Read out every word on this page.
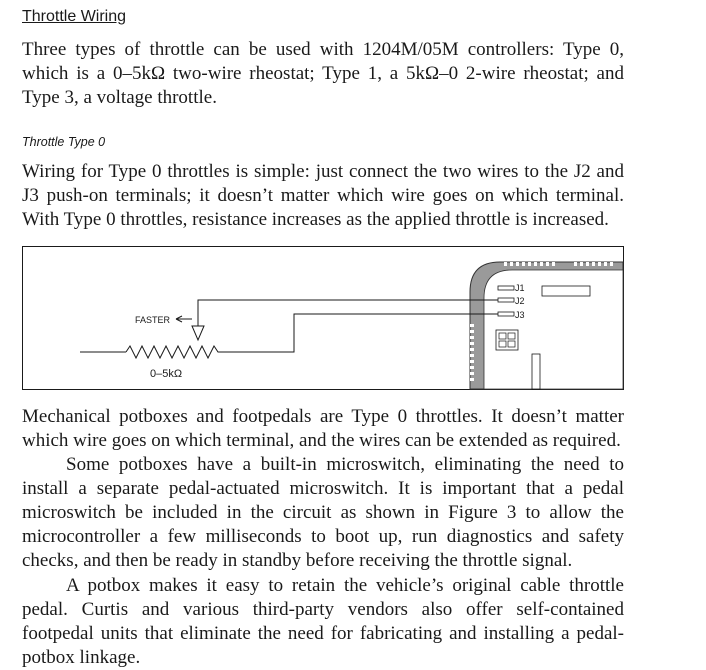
Throttle Wiring
Three types of throttle can be used with 1204M/05M controllers: Type 0, which is a 0–5kΩ two-wire rheostat; Type 1, a 5kΩ–0 2-wire rheostat; and Type 3, a voltage throttle.
Throttle Type 0
Wiring for Type 0 throttles is simple: just connect the two wires to the J2 and J3 push-on terminals; it doesn’t matter which wire goes on which terminal. With Type 0 throttles, resistance increases as the applied throttle is increased.
J1
J2
J3
FASTER
0–5kΩ

Mechanical potboxes and footpedals are Type 0 throttles. It doesn’t matter which wire goes on which terminal, and the wires can be extended as required.

Some potboxes have a built-in microswitch, eliminating the need to install a separate pedal-actuated microswitch. It is important that a pedal microswitch be included in the circuit as shown in Figure 3 to allow the microcontroller a few milliseconds to boot up, run diagnostics and safety checks, and then be ready in standby before receiving the throttle signal.

A potbox makes it easy to retain the vehicle’s original cable throttle pedal. Curtis and various third-party vendors also offer self-contained footpedal units that eliminate the need for fabricating and installing a pedal-potbox linkage.
